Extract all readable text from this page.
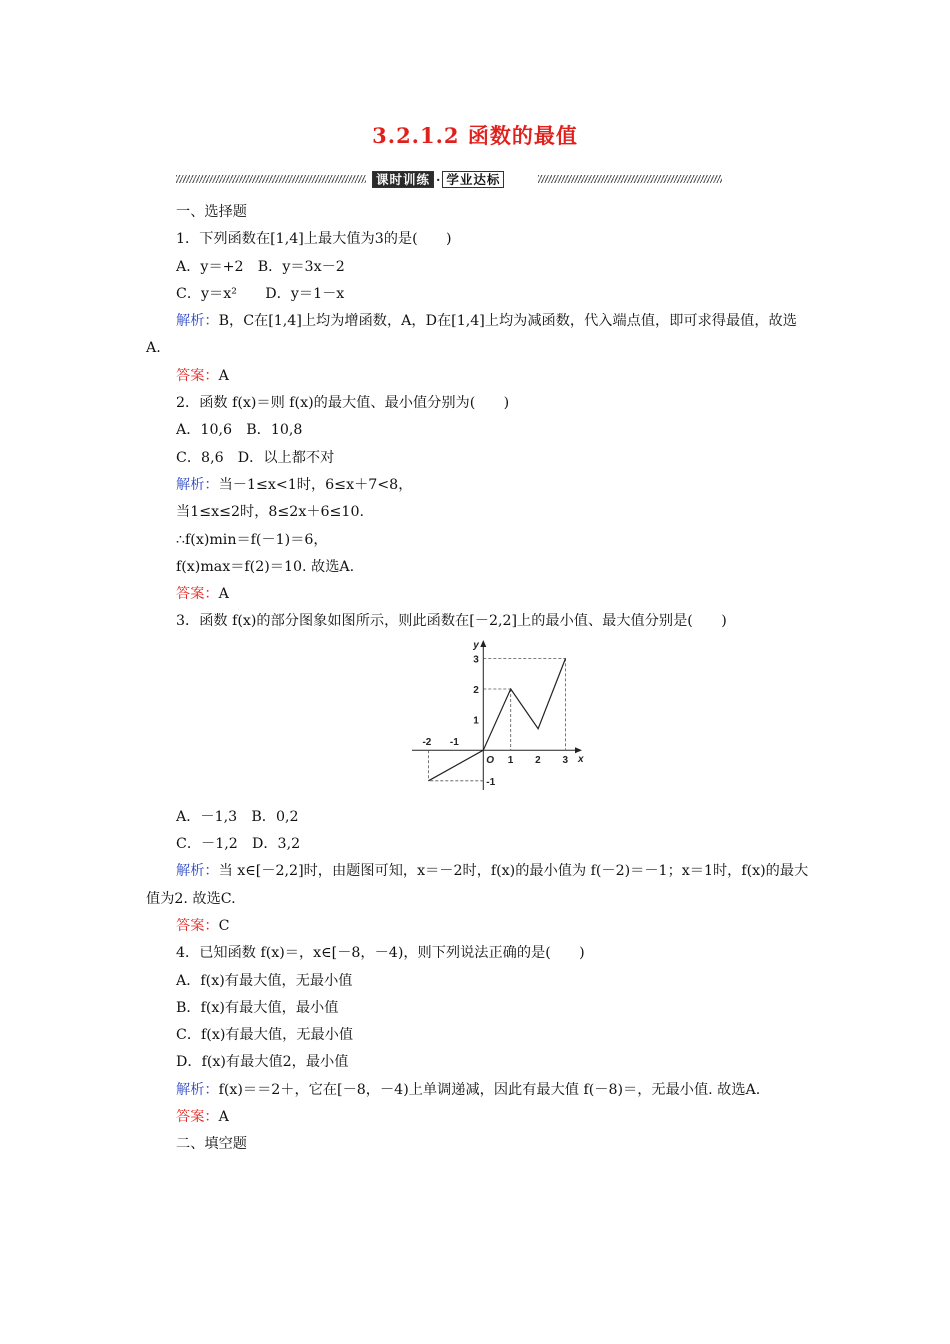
3.2.1.2 函数的最值
课时训练 · 学业达标
一、选择题
1．下列函数在[1,4]上最大值为3的是(　　)
A．y＝+2　B．y＝3x－2
C．y＝x²　　D．y＝1－x
解析：B，C在[1,4]上均为增函数，A，D在[1,4]上均为减函数，代入端点值，即可求得最值，故选A.
答案：A
2．函数 f(x)＝则 f(x)的最大值、最小值分别为(　　)
A．10,6　B．10,8
C．8,6　D．以上都不对
解析：当－1≤x<1时，6≤x＋7<8，
当1≤x≤2时，8≤2x＋6≤10.
∴f(x)min＝f(－1)＝6，
f(x)max＝f(2)＝10. 故选A.
答案：A
3．函数 f(x)的部分图象如图所示，则此函数在[－2,2]上的最小值、最大值分别是(　　)
x
y
O
-2 -1
1 2 3
-1
1
2
3
A．－1,3　B．0,2
C．－1,2　D．3,2
解析：当 x∈[－2,2]时，由题图可知，x＝－2时，f(x)的最小值为 f(－2)＝－1；x＝1时，f(x)的最大值为2. 故选C.
答案：C
4．已知函数 f(x)＝，x∈[－8，－4)，则下列说法正确的是(　　)
A．f(x)有最大值，无最小值
B．f(x)有最大值，最小值
C．f(x)有最大值，无最小值
D．f(x)有最大值2，最小值
解析：f(x)＝＝2＋，它在[－8，－4)上单调递减，因此有最大值 f(－8)＝，无最小值. 故选A.
答案：A
二、填空题
